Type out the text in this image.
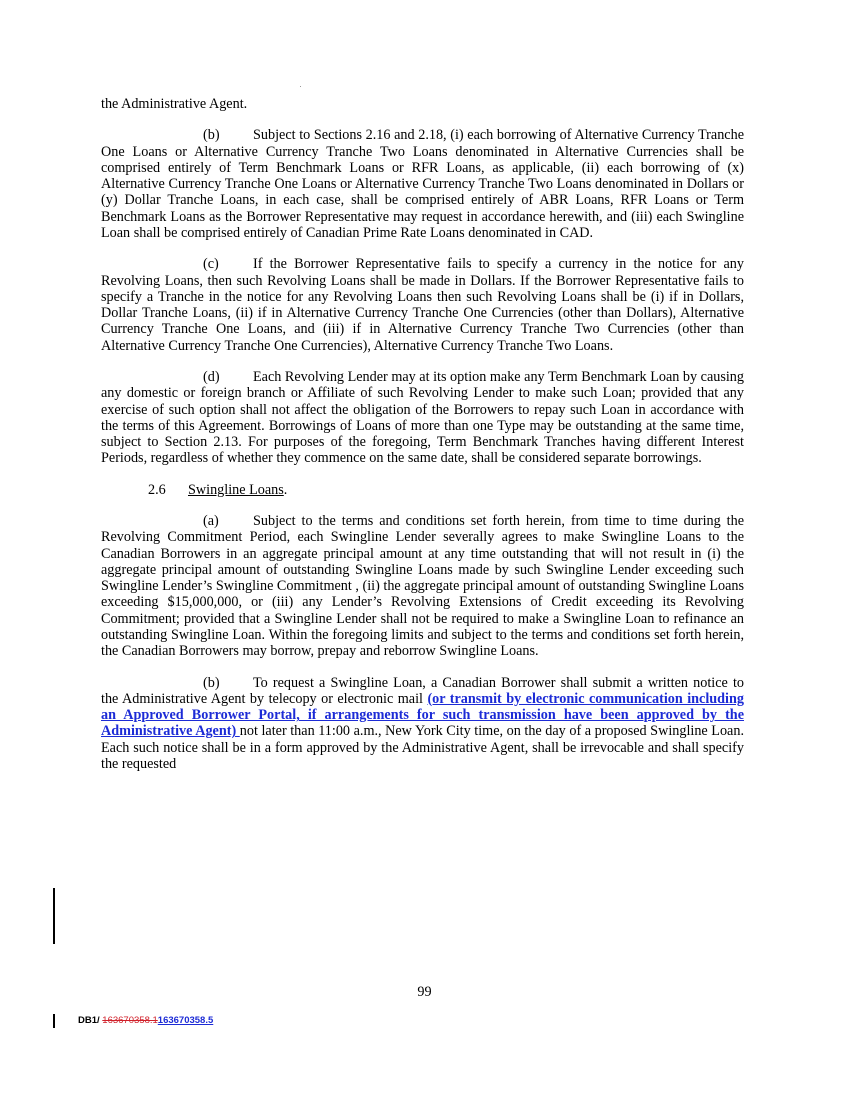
the Administrative Agent.

(b) Subject to Sections 2.16 and 2.18, (i) each borrowing of Alternative Currency Tranche One Loans or Alternative Currency Tranche Two Loans denominated in Alternative Currencies shall be comprised entirely of Term Benchmark Loans or RFR Loans, as applicable, (ii) each borrowing of (x) Alternative Currency Tranche One Loans or Alternative Currency Tranche Two Loans denominated in Dollars or (y) Dollar Tranche Loans, in each case, shall be comprised entirely of ABR Loans, RFR Loans or Term Benchmark Loans as the Borrower Representative may request in accordance herewith, and (iii) each Swingline Loan shall be comprised entirely of Canadian Prime Rate Loans denominated in CAD.

(c) If the Borrower Representative fails to specify a currency in the notice for any Revolving Loans, then such Revolving Loans shall be made in Dollars. If the Borrower Representative fails to specify a Tranche in the notice for any Revolving Loans then such Revolving Loans shall be (i) if in Dollars, Dollar Tranche Loans, (ii) if in Alternative Currency Tranche One Currencies (other than Dollars), Alternative Currency Tranche One Loans, and (iii) if in Alternative Currency Tranche Two Currencies (other than Alternative Currency Tranche One Currencies), Alternative Currency Tranche Two Loans.

(d) Each Revolving Lender may at its option make any Term Benchmark Loan by causing any domestic or foreign branch or Affiliate of such Revolving Lender to make such Loan; provided that any exercise of such option shall not affect the obligation of the Borrowers to repay such Loan in accordance with the terms of this Agreement. Borrowings of Loans of more than one Type may be outstanding at the same time, subject to Section 2.13. For purposes of the foregoing, Term Benchmark Tranches having different Interest Periods, regardless of whether they commence on the same date, shall be considered separate borrowings.

2.6 Swingline Loans.

(a) Subject to the terms and conditions set forth herein, from time to time during the Revolving Commitment Period, each Swingline Lender severally agrees to make Swingline Loans to the Canadian Borrowers in an aggregate principal amount at any time outstanding that will not result in (i) the aggregate principal amount of outstanding Swingline Loans made by such Swingline Lender exceeding such Swingline Lender’s Swingline Commitment , (ii) the aggregate principal amount of outstanding Swingline Loans exceeding $15,000,000, or (iii) any Lender’s Revolving Extensions of Credit exceeding its Revolving Commitment; provided that a Swingline Lender shall not be required to make a Swingline Loan to refinance an outstanding Swingline Loan. Within the foregoing limits and subject to the terms and conditions set forth herein, the Canadian Borrowers may borrow, prepay and reborrow Swingline Loans.

(b) To request a Swingline Loan, a Canadian Borrower shall submit a written notice to the Administrative Agent by telecopy or electronic mail (or transmit by electronic communication including an Approved Borrower Portal, if arrangements for such transmission have been approved by the Administrative Agent) not later than 11:00 a.m., New York City time, on the day of a proposed Swingline Loan. Each such notice shall be in a form approved by the Administrative Agent, shall be irrevocable and shall specify the requested

99
DB1/ 163670358.1163670358.5
